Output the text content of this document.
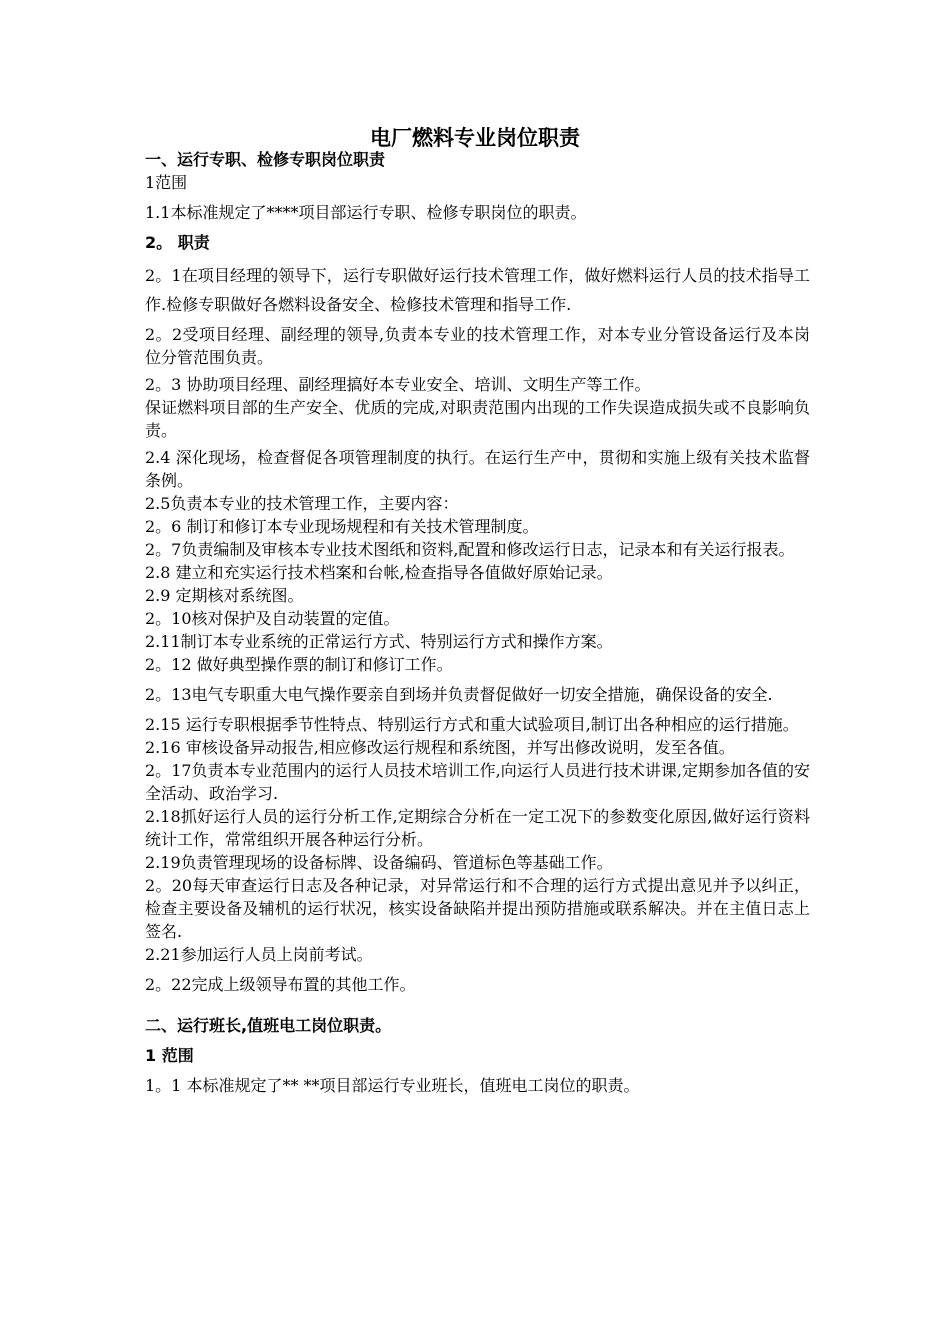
电厂燃料专业岗位职责

一、运行专职、检修专职岗位职责

1范围

1.1本标准规定了****项目部运行专职、检修专职岗位的职责。

2。 职责

2。1在项目经理的领导下，运行专职做好运行技术管理工作，做好燃料运行人员的技术指导工作.检修专职做好各燃料设备安全、检修技术管理和指导工作.

2。2受项目经理、副经理的领导,负责本专业的技术管理工作，对本专业分管设备运行及本岗位分管范围负责。

2。3 协助项目经理、副经理搞好本专业安全、培训、文明生产等工作。

保证燃料项目部的生产安全、优质的完成,对职责范围内出现的工作失误造成损失或不良影响负责。

2.4 深化现场，检查督促各项管理制度的执行。在运行生产中，贯彻和实施上级有关技术监督条例。

2.5负责本专业的技术管理工作，主要内容：

2。6 制订和修订本专业现场规程和有关技术管理制度。

2。7负责编制及审核本专业技术图纸和资料,配置和修改运行日志，记录本和有关运行报表。

2.8 建立和充实运行技术档案和台帐,检查指导各值做好原始记录。

2.9 定期核对系统图。

2。10核对保护及自动装置的定值。

2.11制订本专业系统的正常运行方式、特别运行方式和操作方案。

2。12 做好典型操作票的制订和修订工作。

2。13电气专职重大电气操作要亲自到场并负责督促做好一切安全措施，确保设备的安全.

2.15 运行专职根据季节性特点、特别运行方式和重大试验项目,制订出各种相应的运行措施。

2.16 审核设备异动报告,相应修改运行规程和系统图，并写出修改说明，发至各值。

2。17负责本专业范围内的运行人员技术培训工作,向运行人员进行技术讲课,定期参加各值的安全活动、政治学习.

2.18抓好运行人员的运行分析工作,定期综合分析在一定工况下的参数变化原因,做好运行资料统计工作，常常组织开展各种运行分析。

2.19负责管理现场的设备标牌、设备编码、管道标色等基础工作。

2。20每天审查运行日志及各种记录，对异常运行和不合理的运行方式提出意见并予以纠正，检查主要设备及辅机的运行状况，核实设备缺陷并提出预防措施或联系解决。并在主值日志上签名.

2.21参加运行人员上岗前考试。

2。22完成上级领导布置的其他工作。

二、运行班长,值班电工岗位职责。

1 范围

1。1 本标准规定了** **项目部运行专业班长，值班电工岗位的职责。
